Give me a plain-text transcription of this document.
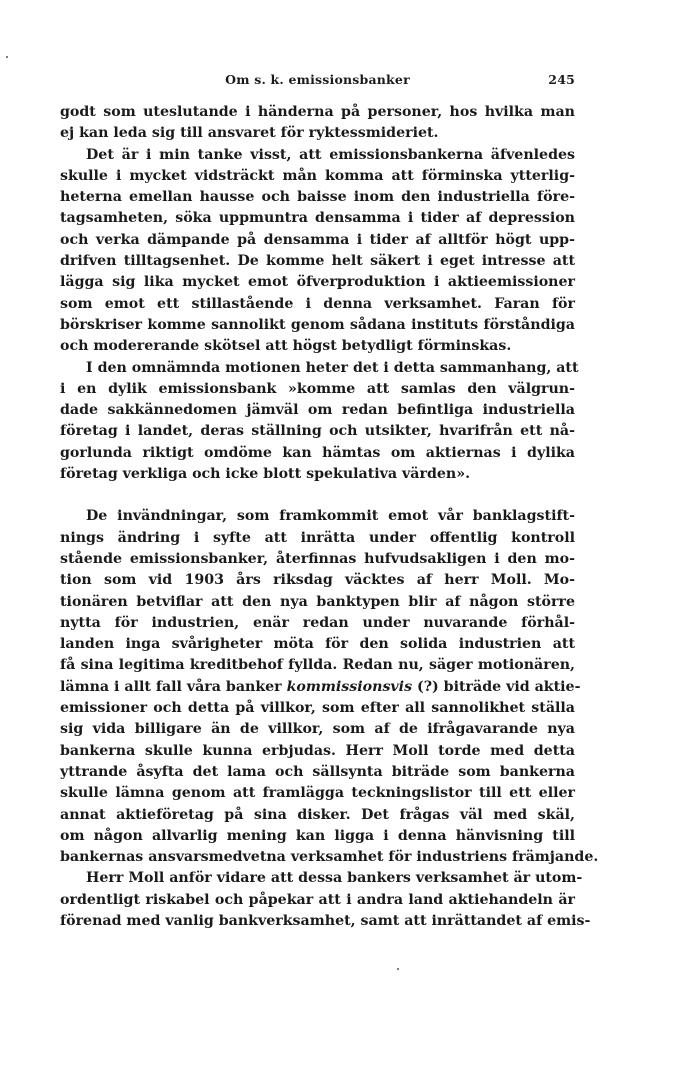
Om s. k. emissionsbanker	245
godt som uteslutande i händerna på personer, hos hvilka man
ej kan leda sig till ansvaret för ryktessmideriet.
Det är i min tanke visst, att emissionsbankerna äfvenledes
skulle i mycket vidsträckt mån komma att förminska ytterlig-
heterna emellan hausse och baisse inom den industriella före-
tagsamheten, söka uppmuntra densamma i tider af depression
och verka dämpande på densamma i tider af alltför högt upp-
drifven tilltagsenhet. De komme helt säkert i eget intresse att
lägga sig lika mycket emot öfverproduktion i aktieemissioner
som emot ett stillastående i denna verksamhet. Faran för
börskriser komme sannolikt genom sådana instituts förståndiga
och modererande skötsel att högst betydligt förminskas.
I den omnämnda motionen heter det i detta sammanhang, att
i en dylik emissionsbank »komme att samlas den välgrun-
dade sakkännedomen jämväl om redan befintliga industriella
företag i landet, deras ställning och utsikter, hvarifrån ett nå-
gorlunda riktigt omdöme kan hämtas om aktiernas i dylika
företag verkliga och icke blott spekulativa värden».
De invändningar, som framkommit emot vår banklagstift-
nings ändring i syfte att inrätta under offentlig kontroll
stående emissionsbanker, återfinnas hufvudsakligen i den mo-
tion som vid 1903 års riksdag väcktes af herr Moll. Mo-
tionären betviflar att den nya banktypen blir af någon större
nytta för industrien, enär redan under nuvarande förhål-
landen inga svårigheter möta för den solida industrien att
få sina legitima kreditbehof fyllda. Redan nu, säger motionären,
lämna i allt fall våra banker kommissionsvis (?) biträde vid aktie-
emissioner och detta på villkor, som efter all sannolikhet ställa
sig vida billigare än de villkor, som af de ifrågavarande nya
bankerna skulle kunna erbjudas. Herr Moll torde med detta
yttrande åsyfta det lama och sällsynta biträde som bankerna
skulle lämna genom att framlägga teckningslistor till ett eller
annat aktieföretag på sina disker. Det frågas väl med skäl,
om någon allvarlig mening kan ligga i denna hänvisning till
bankernas ansvarsmedvetna verksamhet för industriens främjande.
Herr Moll anför vidare att dessa bankers verksamhet är utom-
ordentligt riskabel och påpekar att i andra land aktiehandeln är
förenad med vanlig bankverksamhet, samt att inrättandet af emis-
